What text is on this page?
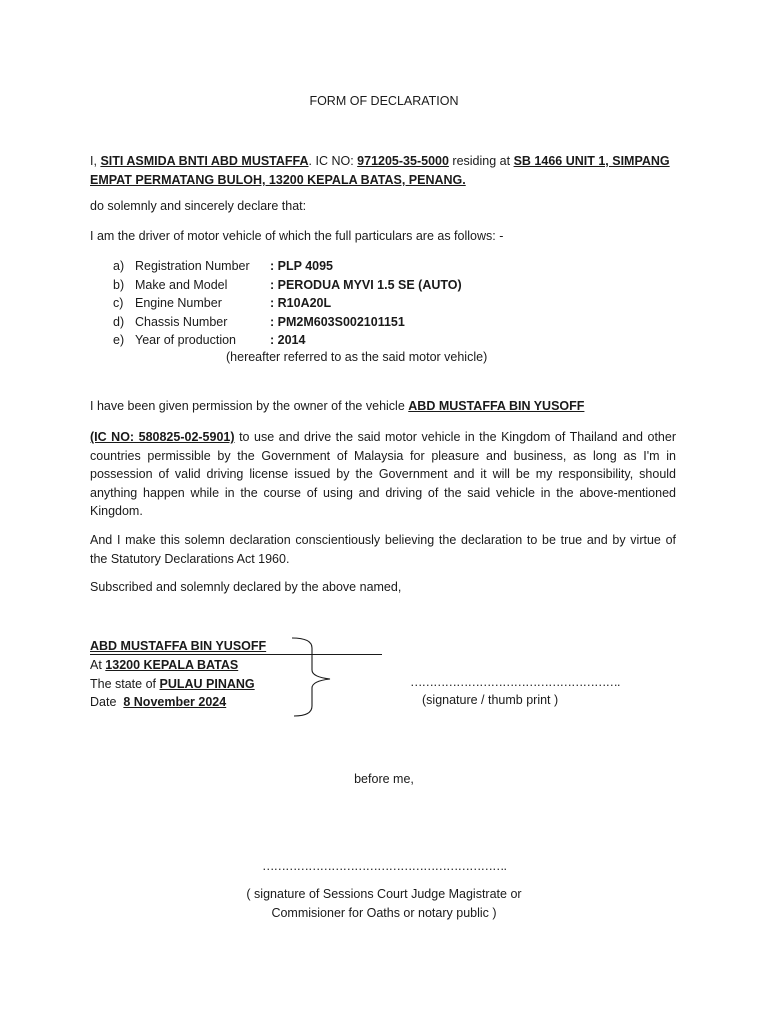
FORM OF DECLARATION
I, SITI ASMIDA BNTI ABD MUSTAFFA. IC NO: 971205-35-5000 residing at SB 1466 UNIT 1, SIMPANG
EMPAT PERMATANG BULOH, 13200 KEPALA BATAS, PENANG.
do solemnly and sincerely declare that:
I am the driver of motor vehicle of which the full particulars are as follows: -
a) Registration Number : PLP 4095
b) Make and Model	: PERODUA MYVI 1.5 SE (AUTO)
c) Engine Number	: R10A20L
d) Chassis Number	: PM2M603S002101151
e) Year of production	: 2014
(hereafter referred to as the said motor vehicle)
I have been given permission by the owner of the vehicle ABD MUSTAFFA BIN YUSOFF
(IC NO: 580825-02-5901) to use and drive the said motor vehicle in the Kingdom of Thailand and other countries permissible by the Government of Malaysia for pleasure and business, as long as I'm in possession of valid driving license issued by the Government and it will be my responsibility, should anything happen while in the course of using and driving of the said vehicle in the above-mentioned Kingdom.
And I make this solemn declaration conscientiously believing the declaration to be true and by virtue of the Statutory Declarations Act 1960.
Subscribed and solemnly declared by the above named,
ABD MUSTAFFA BIN YUSOFF
At 13200 KEPALA BATAS
The state of PULAU PINANG
Date 8 November 2024
……………………………………………….
(signature / thumb print )
before me,
……………………………………………………….
( signature of Sessions Court Judge Magistrate or
Commisioner for Oaths or notary public )
